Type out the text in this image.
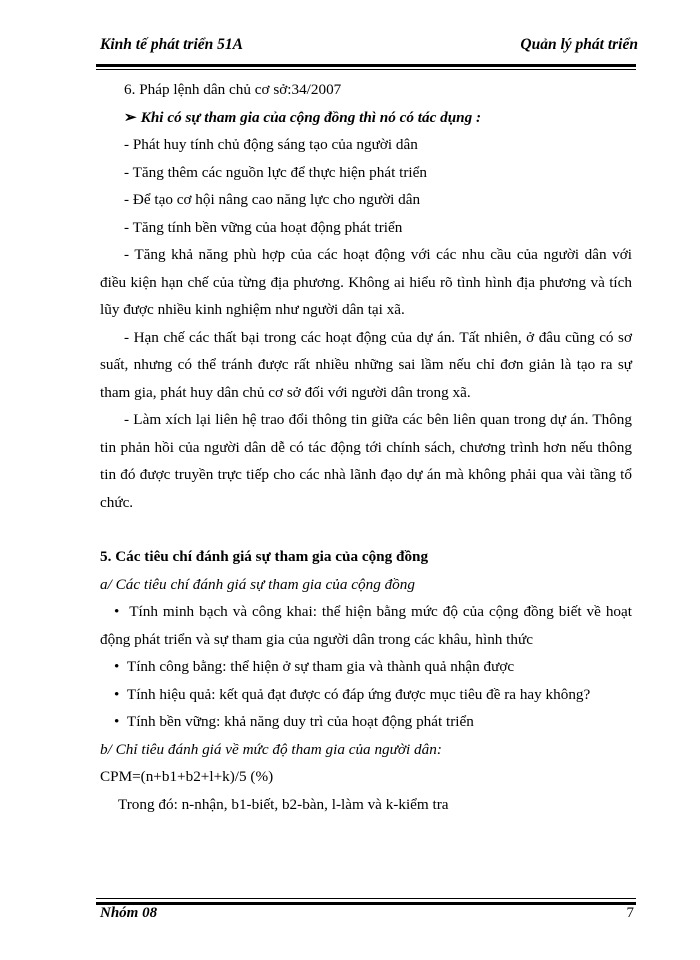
Kinh tế phát triển 51A	Quản lý phát triển

6. Pháp lệnh dân chủ cơ sở:34/2007

➢ Khi có sự tham gia của cộng đồng thì nó có tác dụng :

- Phát huy tính chủ động sáng tạo của người dân

- Tăng thêm các nguồn lực để thực hiện phát triển

- Để tạo cơ hội nâng cao năng lực cho người dân

- Tăng tính bền vững của hoạt động phát triển

- Tăng khả năng phù hợp của các hoạt động với các nhu cầu của người dân với điều kiện hạn chế của từng địa phương. Không ai hiểu rõ tình hình địa phương và tích lũy được nhiều kinh nghiệm như người dân tại xã.

- Hạn chế các thất bại trong các hoạt động của dự án. Tất nhiên, ở đâu cũng có sơ suất, nhưng có thể tránh được rất nhiều những sai lầm nếu chỉ đơn giản là tạo ra sự tham gia, phát huy dân chủ cơ sở đối với người dân trong xã.

- Làm xích lại liên hệ trao đổi thông tin giữa các bên liên quan trong dự án. Thông tin phản hồi của người dân dễ có tác động tới chính sách, chương trình hơn nếu thông tin đó được truyền trực tiếp cho các nhà lãnh đạo dự án mà không phải qua vài tầng tổ chức.

5. Các tiêu chí đánh giá sự tham gia của cộng đồng

a/ Các tiêu chí đánh giá sự tham gia của cộng đồng

•  Tính minh bạch và công khai: thể hiện bằng mức độ của cộng đồng biết về hoạt động phát triển và sự tham gia của người dân trong các khâu, hình thức

•  Tính công bằng: thể hiện ở sự tham gia và thành quả nhận được

•  Tính hiệu quả: kết quả đạt được có đáp ứng được mục tiêu đề ra hay không?

•  Tính bền vững: khả năng duy trì của hoạt động phát triển

b/ Chỉ tiêu đánh giá về mức độ tham gia của người dân:

CPM=(n+b1+b2+l+k)/5 (%)

Trong đó: n-nhận, b1-biết, b2-bàn, l-làm và k-kiểm tra

Nhóm 08	7
